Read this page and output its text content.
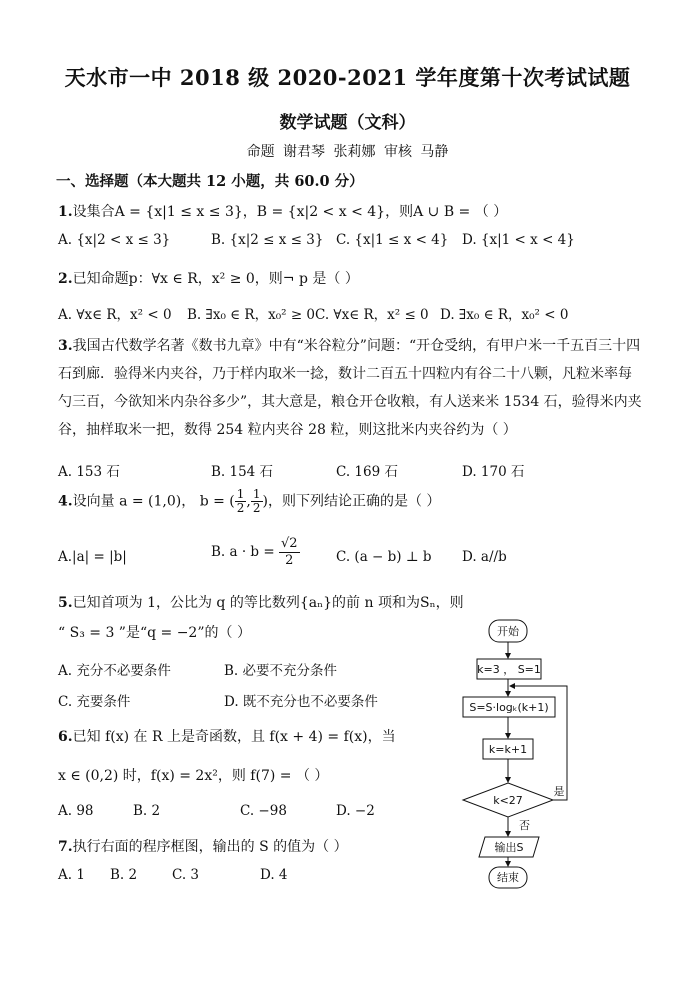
天水市一中 2018 级 2020-2021 学年度第十次考试试题
数学试题（文科）
命题 谢君琴 张莉娜 审核 马静
一、选择题（本大题共 12 小题，共 60.0 分）
1.设集合A = {x|1 ≤ x ≤ 3}，B = {x|2 < x < 4}，则A ∪ B = （ ）
A. {x|2 < x ≤ 3}	B. {x|2 ≤ x ≤ 3} C. {x|1 ≤ x < 4} D. {x|1 < x < 4}
2.已知命题p：∀x ∈ R，x² ≥ 0，则¬ p 是（ ）
A. ∀x∈ R，x² < 0 B. ∃x₀ ∈ R，x₀² ≥ 0 C. ∀x∈ R，x² ≤ 0 D. ∃x₀ ∈ R，x₀² < 0
3.我国古代数学名著《数书九章》中有“米谷粒分”问题：“开仓受纳，有甲户米一千五百三十四石到廊．验得米内夹谷，乃于样内取米一捻，数计二百五十四粒内有谷二十八颗，凡粒米率每勺三百，今欲知米内杂谷多少”，其大意是，粮仓开仓收粮，有人送来米 1534 石，验得米内夹谷，抽样取米一把，数得 254 粒内夹谷 28 粒，则这批米内夹谷约为（ ）
A. 153 石	B. 154 石	C. 169 石	D. 170 石
4.设向量 a = (1,0)， b = ( $\frac{1}{2}$ , $\frac{1}{2}$ )，则下列结论正确的是（ ）
A.|a| = |b|	B. $a \cdot b = \frac{√2}{2}$	C. (a − b) ⊥ b D. a//b
5.已知首项为 1，公比为 q 的等比数列{aₙ}的前 n 项和为Sₙ，则
“ S₃ = 3 ”是“q = −2”的（ ）
A. 充分不必要条件	B. 必要不充分条件
C. 充要条件	D. 既不充分也不必要条件
6.已知 f(x) 在 R 上是奇函数，且 f(x + 4) = f(x)，当
x ∈ (0,2) 时，f(x) = 2x²，则 f(7) = （ ）
A. 98	B. 2	C. −98	D. −2
7.执行右面的程序框图，输出的 S 的值为（ ）
A. 1 B. 2	C. 3	D. 4
开始
k=3 ， S=1
S=S·logₖ(k+1)
k=k+1
k<27
是
否
输出S
结束
